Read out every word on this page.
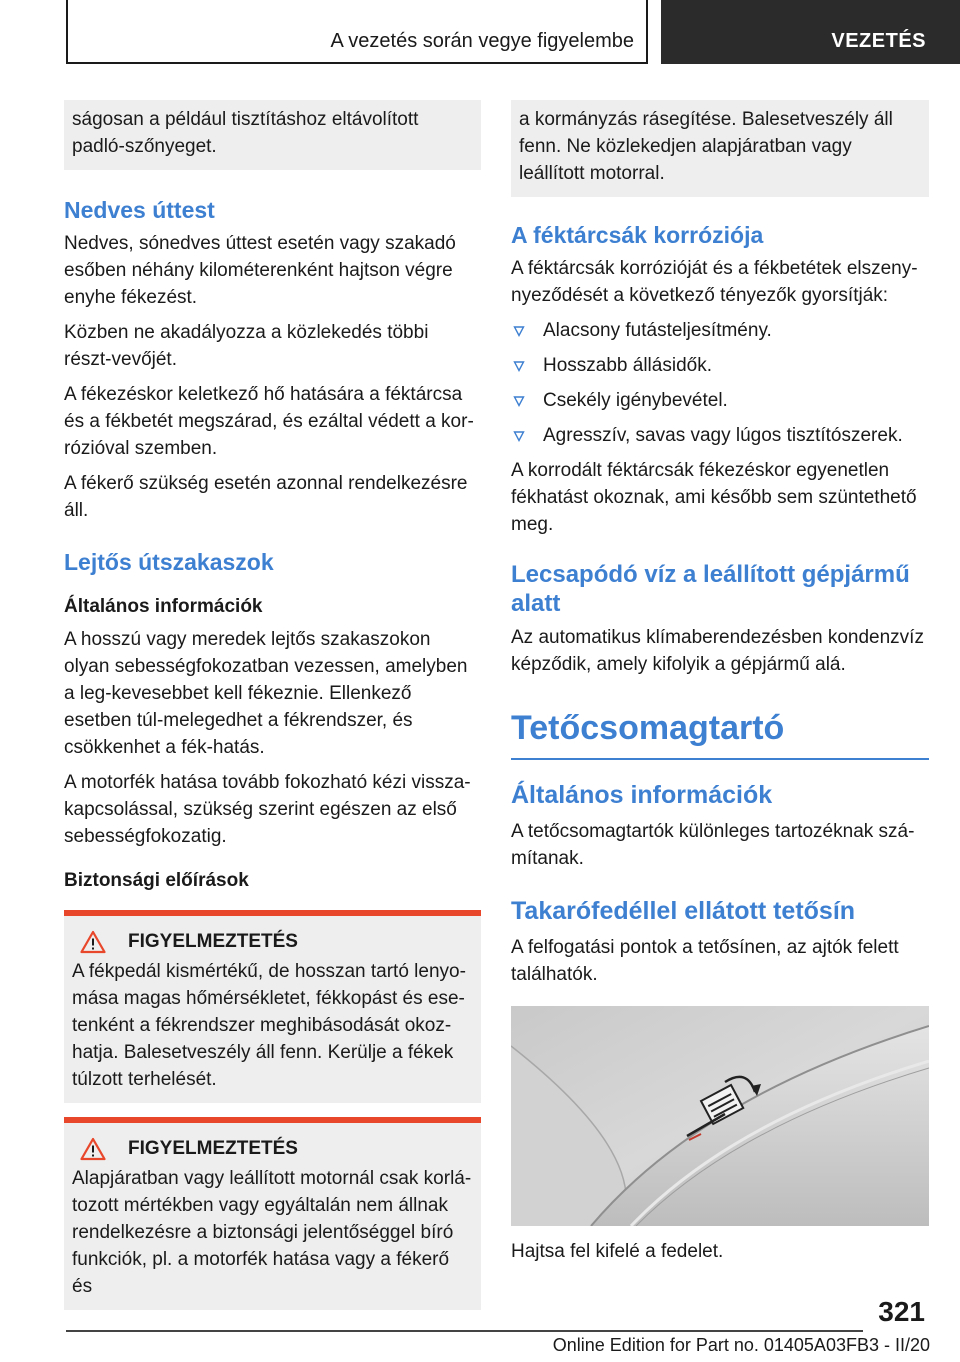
A vezetés során vegye figyelembe	VEZETÉS
ságosan a például tisztításhoz eltávolított padló-szőnyeget.
Nedves úttest

Nedves, sónedves úttest esetén vagy szakadó esőben néhány kilométerenként hajtson végre enyhe fékezést.

Közben ne akadályozza a közlekedés többi részt-vevőjét.

A fékezéskor keletkező hő hatására a féktárcsa és a fékbetét megszárad, és ezáltal védett a kor-rózióval szemben.

A fékerő szükség esetén azonnal rendelkezésre áll.

Lejtős útszakaszok
Általános információk

A hosszú vagy meredek lejtős szakaszokon olyan sebességfokozatban vezessen, amelyben a leg-kevesebbet kell fékeznie. Ellenkező esetben túl-melegedhet a fékrendszer, és csökkenhet a fék-hatás.

A motorfék hatása tovább fokozható kézi vissza-kapcsolással, szükség szerint egészen az első sebességfokozatig.

Biztonsági előírások
FIGYELMEZTETÉS

A fékpedál kismértékű, de hosszan tartó lenyo-mása magas hőmérsékletet, fékkopást és ese-tenként a fékrendszer meghibásodását okoz-hatja. Balesetveszély áll fenn. Kerülje a fékek túlzott terhelését.

FIGYELMEZTETÉS

Alapjáratban vagy leállított motornál csak korlá-tozott mértékben vagy egyáltalán nem állnak rendelkezésre a biztonsági jelentőséggel bíró funkciók, pl. a motorfék hatása vagy a fékerő és

a kormányzás rásegítése. Balesetveszély áll fenn. Ne közlekedjen alapjáratban vagy leállított motorral.
A féktárcsák korróziója

A féktárcsák korrózióját és a fékbetétek elszeny-nyeződését a következő tényezők gyorsítják:

Alacsony futásteljesítmény.
Hosszabb állásidők.
Csekély igénybevétel.
Agresszív, savas vagy lúgos tisztítószerek.

A korrodált féktárcsák fékezéskor egyenetlen fékhatást okoznak, ami később sem szüntethető meg.

Lecsapódó víz a leállított gépjármű alatt

Az automatikus klímaberendezésben kondenzvíz képződik, amely kifolyik a gépjármű alá.

Tetőcsomagtartó
Általános információk

A tetőcsomagtartók különleges tartozéknak szá-mítanak.

Takarófedéllel ellátott tetősín

A felfogatási pontok a tetősínen, az ajtók felett találhatók.

Hajtsa fel kifelé a fedelet.

321
Online Edition for Part no. 01405A03FB3 - II/20
